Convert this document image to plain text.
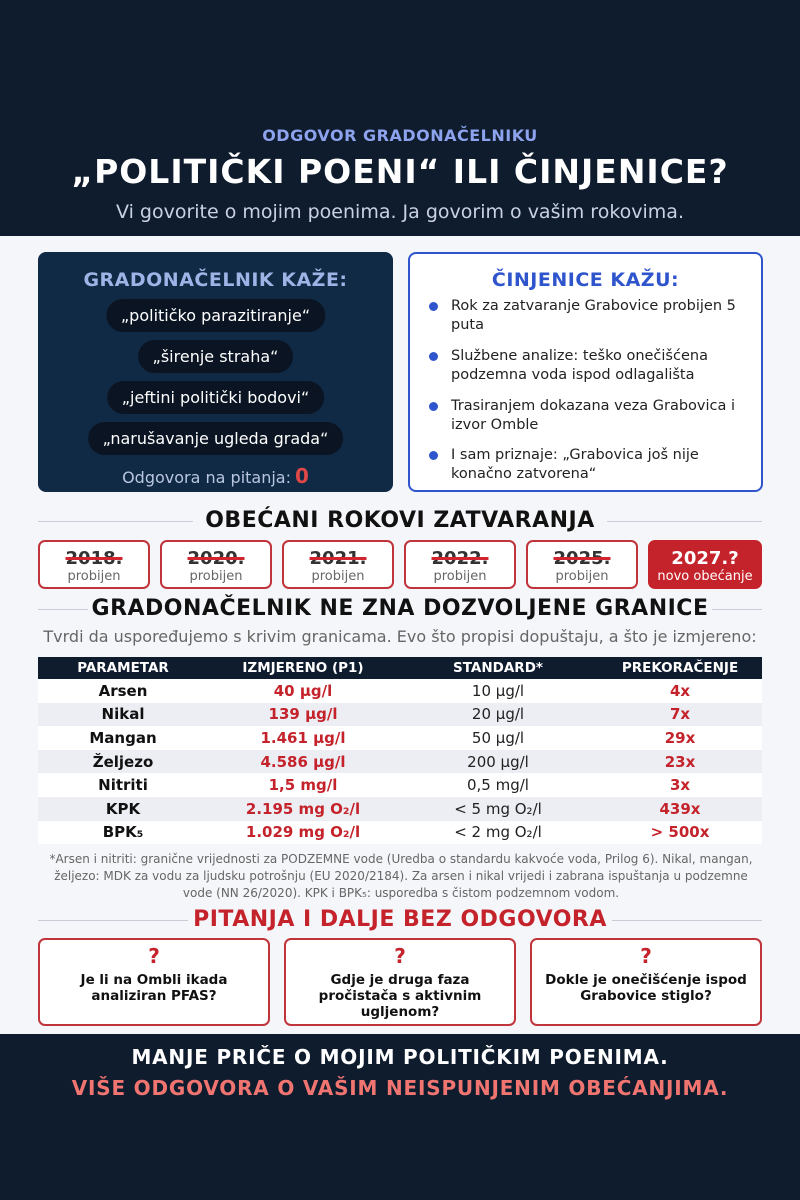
ODGOVOR GRADONAČELNIKU
„POLITIČKI POENI“ ILI ČINJENICE?
Vi govorite o mojim poenima. Ja govorim o vašim rokovima.
GRADONAČELNIK KAŽE:
„političko parazitiranje“
„širenje straha“
„jeftini politički bodovi“
„narušavanje ugleda grada“
Odgovora na pitanja: 0
ČINJENICE KAŽU:
Rok za zatvaranje Grabovice probijen 5 puta
Službene analize: teško onečišćena podzemna voda ispod odlagališta
Trasiranjem dokazana veza Grabovica i izvor Omble
I sam priznaje: „Grabovica još nije konačno zatvorena“
OBEĆANI ROKOVI ZATVARANJA
2018.
probijen
2020.
probijen
2021.
probijen
2022.
probijen
2025.
probijen
2027.?
novo obećanje
GRADONAČELNIK NE ZNA DOZVOLJENE GRANICE
Tvrdi da uspoređujemo s krivim granicama. Evo što propisi dopuštaju, a što je izmjereno:
PARAMETAR	IZMJERENO (P1)	STANDARD*	PREKORAČENJE
Arsen	40 µg/l	10 µg/l	4x
Nikal	139 µg/l	20 µg/l	7x
Mangan	1.461 µg/l	50 µg/l	29x
Željezo	4.586 µg/l	200 µg/l	23x
Nitriti	1,5 mg/l	0,5 mg/l	3x
KPK	2.195 mg O₂/l	< 5 mg O₂/l	439x
BPK₅	1.029 mg O₂/l	< 2 mg O₂/l	> 500x
*Arsen i nitriti: granične vrijednosti za PODZEMNE vode (Uredba o standardu kakvoće voda, Prilog 6). Nikal, mangan, željezo: MDK za vodu za ljudsku potrošnju (EU 2020/2184). Za arsen i nikal vrijedi i zabrana ispuštanja u podzemne vode (NN 26/2020). KPK i BPK₅: usporedba s čistom podzemnom vodom.
PITANJA I DALJE BEZ ODGOVORA
?
Je li na Ombli ikada analiziran PFAS?
?
Gdje je druga faza pročistača s aktivnim ugljenom?
?
Dokle je onečišćenje ispod Grabovice stiglo?
MANJE PRIČE O MOJIM POLITIČKIM POENIMA.
VIŠE ODGOVORA O VAŠIM NEISPUNJENIM OBEĆANJIMA.
